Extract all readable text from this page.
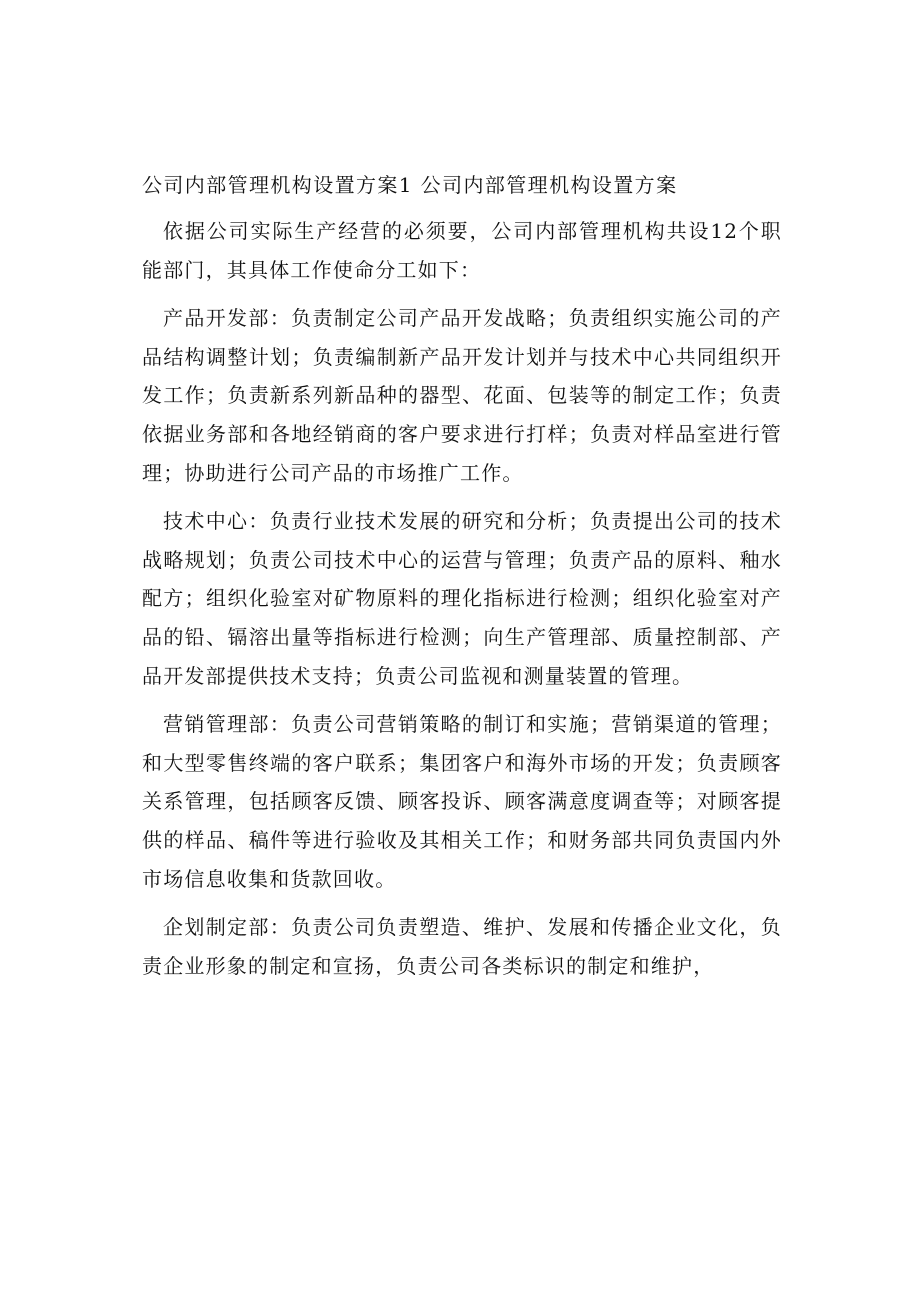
公司内部管理机构设置方案1 公司内部管理机构设置方案

依据公司实际生产经营的必须要，公司内部管理机构共设12个职能部门，其具体工作使命分工如下：

产品开发部：负责制定公司产品开发战略；负责组织实施公司的产品结构调整计划；负责编制新产品开发计划并与技术中心共同组织开发工作；负责新系列新品种的器型、花面、包装等的制定工作；负责依据业务部和各地经销商的客户要求进行打样；负责对样品室进行管理；协助进行公司产品的市场推广工作。

技术中心：负责行业技术发展的研究和分析；负责提出公司的技术战略规划；负责公司技术中心的运营与管理；负责产品的原料、釉水配方；组织化验室对矿物原料的理化指标进行检测；组织化验室对产品的铅、镉溶出量等指标进行检测；向生产管理部、质量控制部、产品开发部提供技术支持；负责公司监视和测量装置的管理。

营销管理部：负责公司营销策略的制订和实施；营销渠道的管理；和大型零售终端的客户联系；集团客户和海外市场的开发；负责顾客关系管理，包括顾客反馈、顾客投诉、顾客满意度调查等；对顾客提供的样品、稿件等进行验收及其相关工作；和财务部共同负责国内外市场信息收集和货款回收。

企划制定部：负责公司负责塑造、维护、发展和传播企业文化，负责企业形象的制定和宣扬，负责公司各类标识的制定和维护，
